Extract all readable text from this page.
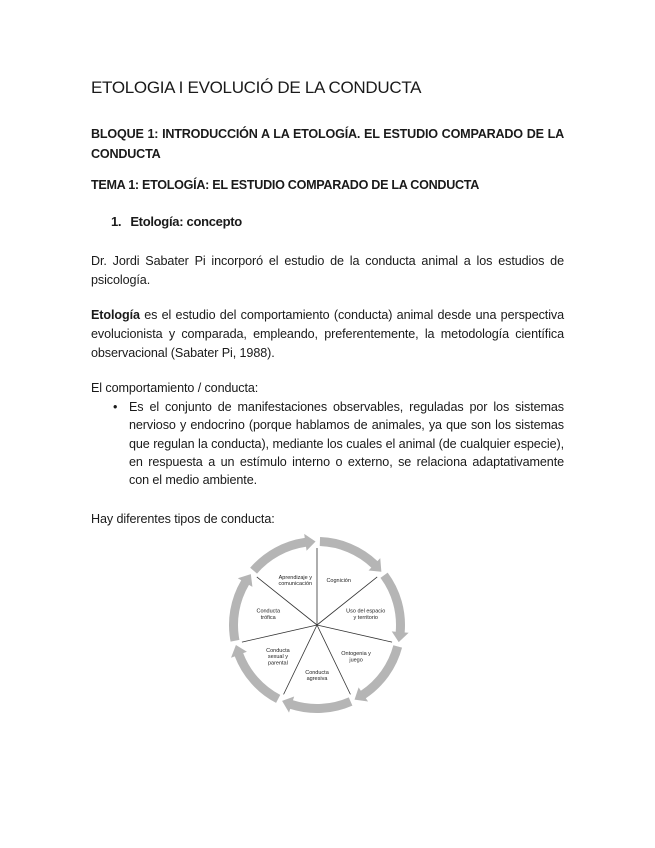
ETOLOGIA I EVOLUCIÓ DE LA CONDUCTA
BLOQUE 1: INTRODUCCIÓN A LA ETOLOGÍA. EL ESTUDIO COMPARADO DE LA CONDUCTA
TEMA 1: ETOLOGÍA: EL ESTUDIO COMPARADO DE LA CONDUCTA
1. Etología: concepto
Dr. Jordi Sabater Pi incorporó el estudio de la conducta animal a los estudios de psicología.
Etología es el estudio del comportamiento (conducta) animal desde una perspectiva evolucionista y comparada, empleando, preferentemente, la metodología científica observacional (Sabater Pi, 1988).
El comportamiento / conducta:
• Es el conjunto de manifestaciones observables, reguladas por los sistemas nervioso y endocrino (porque hablamos de animales, ya que son los sistemas que regulan la conducta), mediante los cuales el animal (de cualquier especie), en respuesta a un estímulo interno o externo, se relaciona adaptativamente con el medio ambiente.
Hay diferentes tipos de conducta:
Cognición
Uso del espacio y territorio
Ontogenia y juego
Conducta agresiva
Conducta sexual y parental
Conducta trófica
Aprendizaje y comunicación
